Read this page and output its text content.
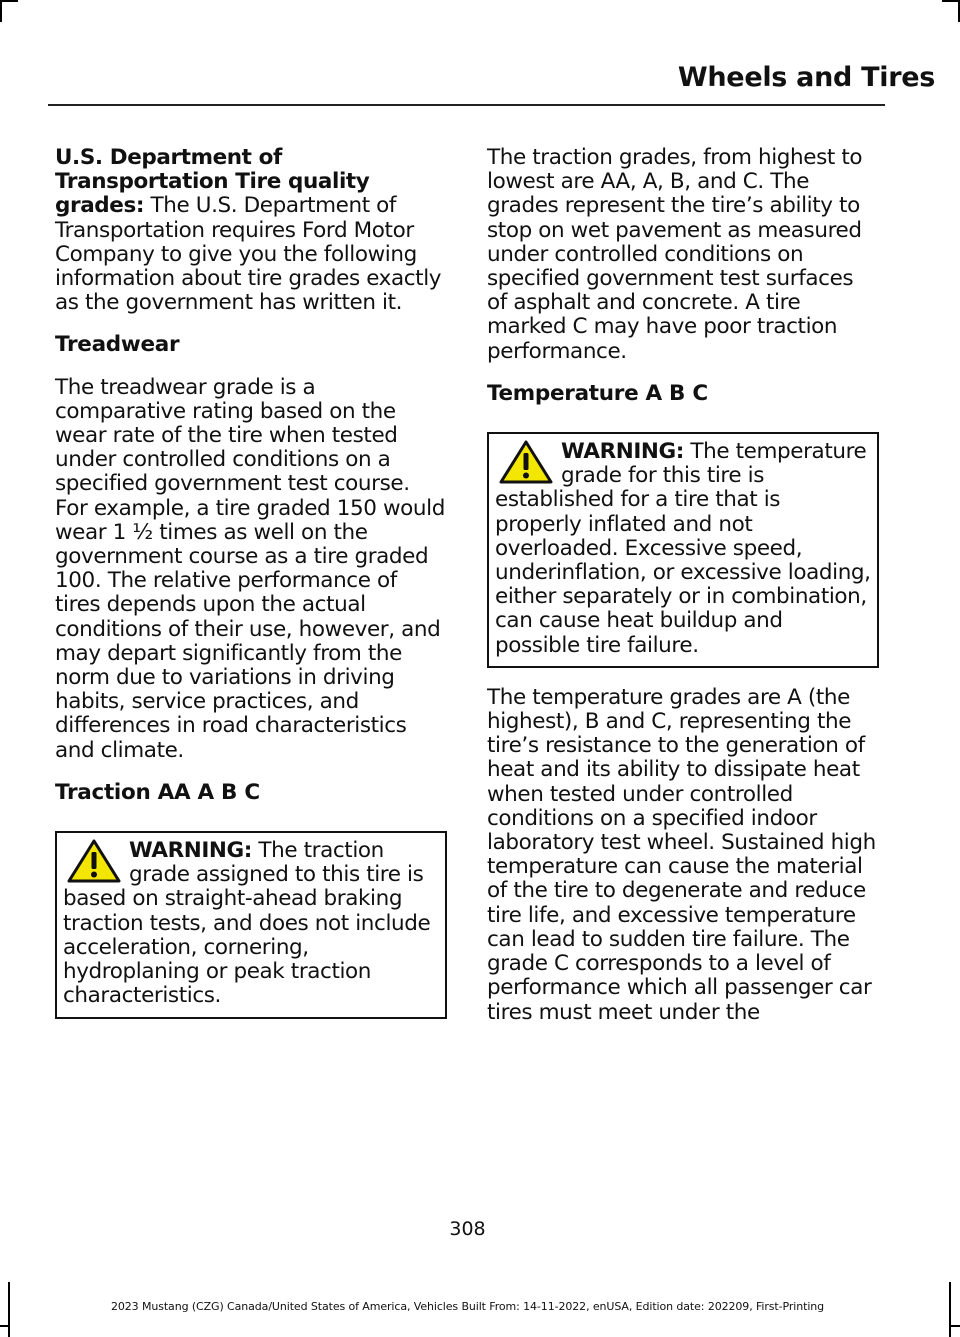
Wheels and Tires

U.S. Department of Transportation Tire quality grades: The U.S. Department of Transportation requires Ford Motor Company to give you the following information about tire grades exactly as the government has written it.

Treadwear

The treadwear grade is a comparative rating based on the wear rate of the tire when tested under controlled conditions on a specified government test course. For example, a tire graded 150 would wear 1 ½ times as well on the government course as a tire graded 100. The relative performance of tires depends upon the actual conditions of their use, however, and may depart significantly from the norm due to variations in driving habits, service practices, and differences in road characteristics and climate.

Traction AA A B C

WARNING: The traction grade assigned to this tire is based on straight-ahead braking traction tests, and does not include acceleration, cornering, hydroplaning or peak traction characteristics.

The traction grades, from highest to lowest are AA, A, B, and C. The grades represent the tire’s ability to stop on wet pavement as measured under controlled conditions on specified government test surfaces of asphalt and concrete. A tire marked C may have poor traction performance.

Temperature A B C

WARNING: The temperature grade for this tire is established for a tire that is properly inflated and not overloaded. Excessive speed, underinflation, or excessive loading, either separately or in combination, can cause heat buildup and possible tire failure.

The temperature grades are A (the highest), B and C, representing the tire’s resistance to the generation of heat and its ability to dissipate heat when tested under controlled conditions on a specified indoor laboratory test wheel. Sustained high temperature can cause the material of the tire to degenerate and reduce tire life, and excessive temperature can lead to sudden tire failure. The grade C corresponds to a level of performance which all passenger car tires must meet under the

308
2023 Mustang (CZG) Canada/United States of America, Vehicles Built From: 14-11-2022, enUSA, Edition date: 202209, First-Printing
